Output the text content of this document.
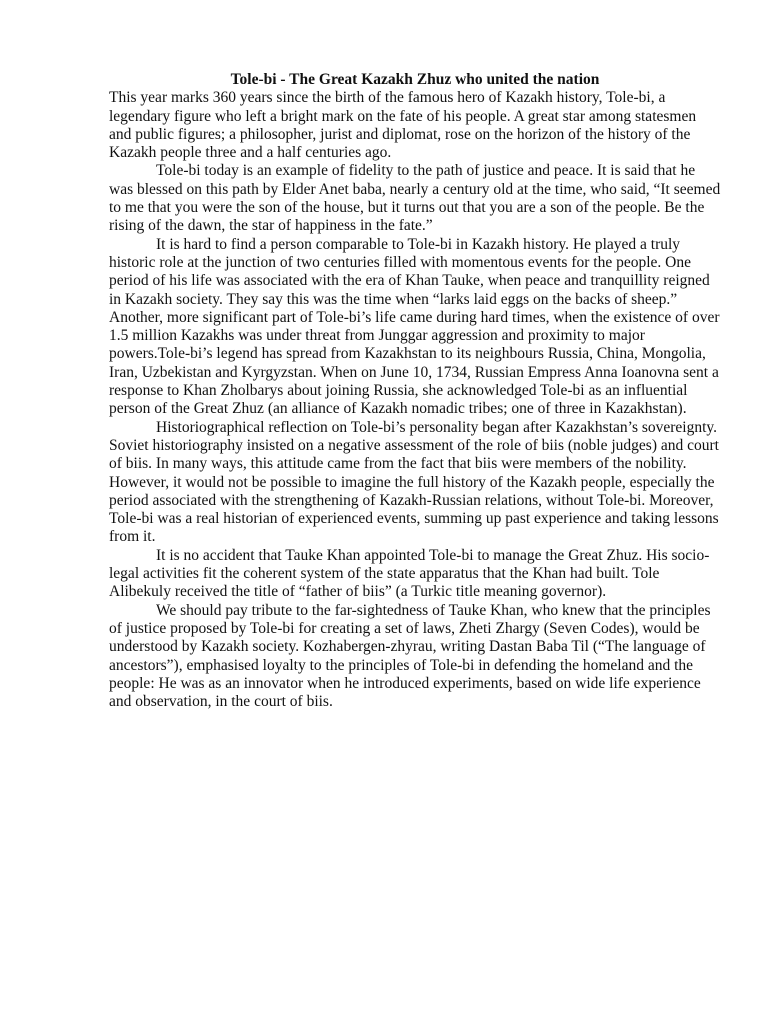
Tole-bi - The Great Kazakh Zhuz who united the nation

This year marks 360 years since the birth of the famous hero of Kazakh history, Tole-bi, a legendary figure who left a bright mark on the fate of his people. A great star among statesmen and public figures; a philosopher, jurist and diplomat, rose on the horizon of the history of the Kazakh people three and a half centuries ago.

Tole-bi today is an example of fidelity to the path of justice and peace. It is said that he was blessed on this path by Elder Anet baba, nearly a century old at the time, who said, “It seemed to me that you were the son of the house, but it turns out that you are a son of the people. Be the rising of the dawn, the star of happiness in the fate.”

It is hard to find a person comparable to Tole-bi in Kazakh history. He played a truly historic role at the junction of two centuries filled with momentous events for the people. One period of his life was associated with the era of Khan Tauke, when peace and tranquillity reigned in Kazakh society. They say this was the time when “larks laid eggs on the backs of sheep.” Another, more significant part of Tole-bi’s life came during hard times, when the existence of over 1.5 million Kazakhs was under threat from Junggar aggression and proximity to major powers.Tole-bi’s legend has spread from Kazakhstan to its neighbours Russia, China, Mongolia, Iran, Uzbekistan and Kyrgyzstan. When on June 10, 1734, Russian Empress Anna Ioanovna sent a response to Khan Zholbarys about joining Russia, she acknowledged Tole-bi as an influential person of the Great Zhuz (an alliance of Kazakh nomadic tribes; one of three in Kazakhstan).

Historiographical reflection on Tole-bi’s personality began after Kazakhstan’s sovereignty. Soviet historiography insisted on a negative assessment of the role of biis (noble judges) and court of biis. In many ways, this attitude came from the fact that biis were members of the nobility. However, it would not be possible to imagine the full history of the Kazakh people, especially the period associated with the strengthening of Kazakh-Russian relations, without Tole-bi. Moreover, Tole-bi was a real historian of experienced events, summing up past experience and taking lessons from it.

It is no accident that Tauke Khan appointed Tole-bi to manage the Great Zhuz. His socio-legal activities fit the coherent system of the state apparatus that the Khan had built. Tole Alibekuly received the title of “father of biis” (a Turkic title meaning governor).

We should pay tribute to the far-sightedness of Tauke Khan, who knew that the principles of justice proposed by Tole-bi for creating a set of laws, Zheti Zhargy (Seven Codes), would be understood by Kazakh society. Kozhabergen-zhyrau, writing Dastan Baba Til (“The language of ancestors”), emphasised loyalty to the principles of Tole-bi in defending the homeland and the people: He was as an innovator when he introduced experiments, based on wide life experience and observation, in the court of biis.
